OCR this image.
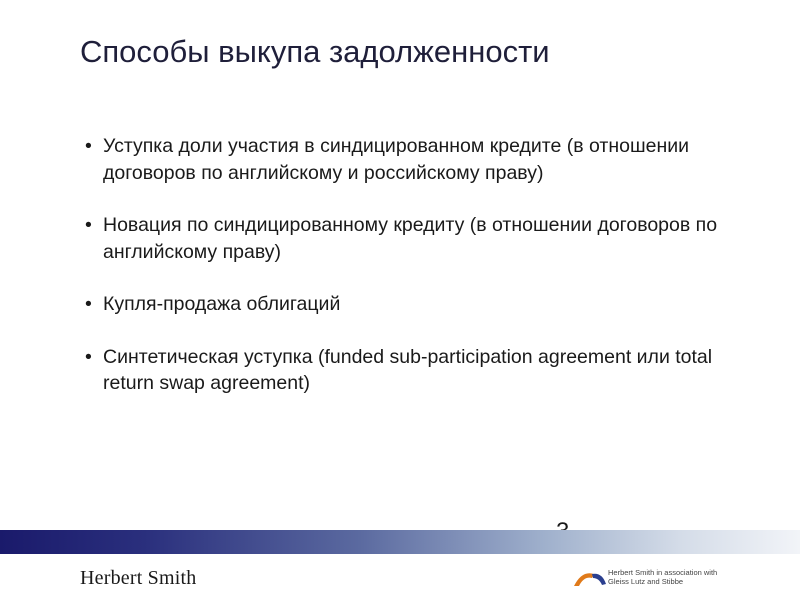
Способы выкупа задолженности
• Уступка доли участия в синдицированном кредите (в отношении договоров по английскому и российскому праву)
• Новация по синдицированному кредиту (в отношении договоров по английскому праву)
• Купля-продажа облигаций
• Синтетическая уступка (funded sub-participation agreement или total return swap agreement)
Herbert Smith	Herbert Smith in association with
Gleiss Lutz and Stibbe
